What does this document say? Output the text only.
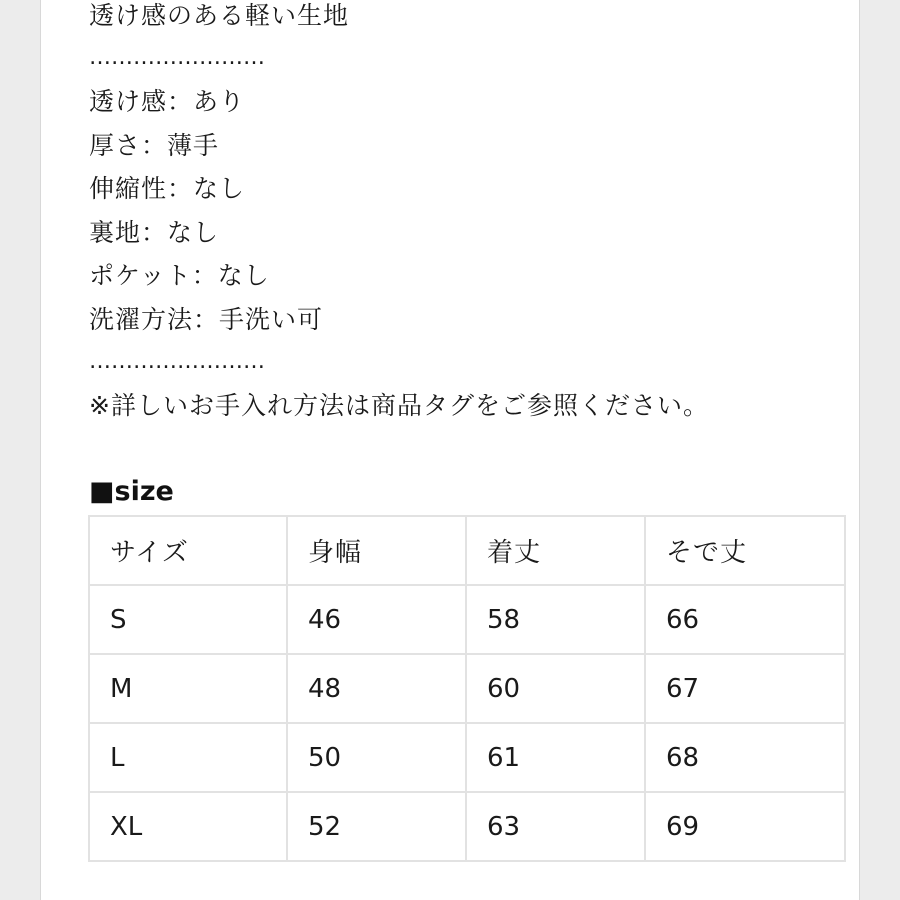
透け感のある軽い生地
……………………
透け感：あり
厚さ：薄手
伸縮性：なし
裏地：なし
ポケット：なし
洗濯方法：手洗い可
……………………
※詳しいお手入れ方法は商品タグをご参照ください。
■size
サイズ	身幅	着丈	そで丈
S	46	58	66
M	48	60	67
L	50	61	68
XL	52	63	69
